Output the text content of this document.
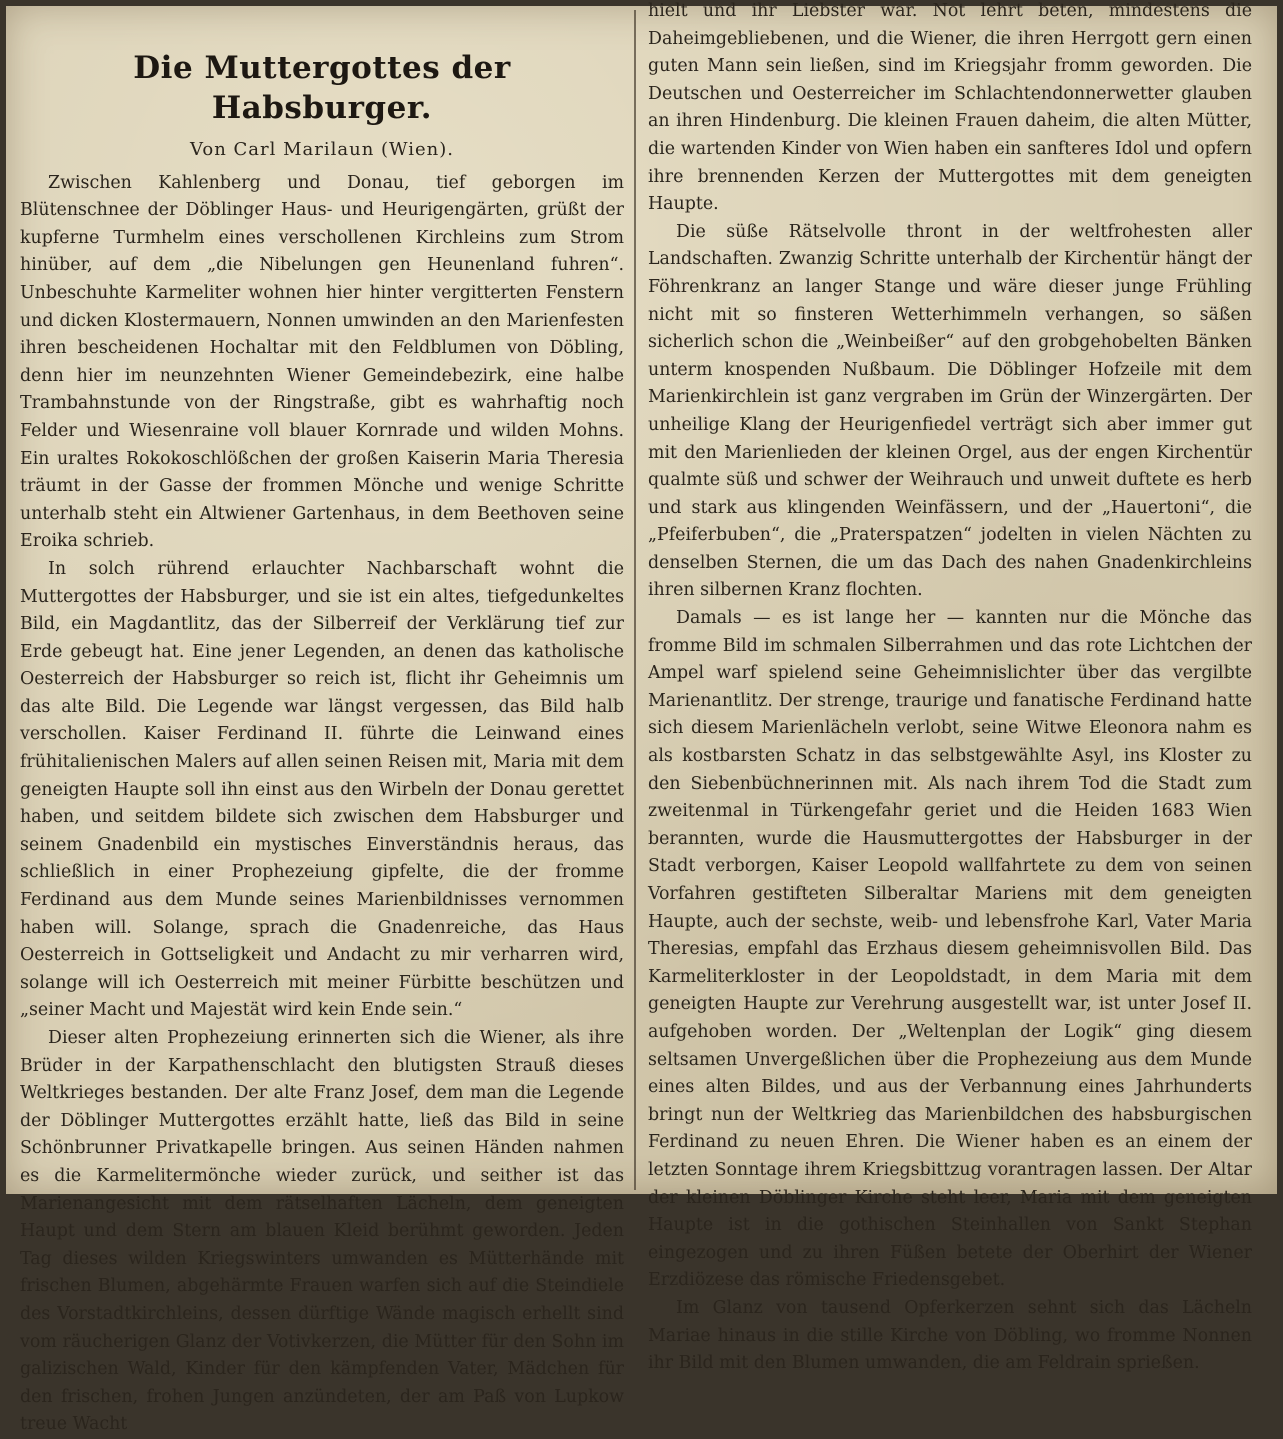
Die Muttergottes der Habsburger.
Von Carl Marilaun (Wien).

Zwischen Kahlenberg und Donau, tief geborgen im Blütenschnee der Döblinger Haus- und Heurigengärten, grüßt der kupferne Turmhelm eines verschollenen Kirchleins zum Strom hinüber, auf dem „die Nibelungen gen Heunenland fuhren“. Unbeschuhte Karmeliter wohnen hier hinter vergitterten Fenstern und dicken Klostermauern, Nonnen umwinden an den Marienfesten ihren bescheidenen Hochaltar mit den Feldblumen von Döbling, denn hier im neunzehnten Wiener Gemeindebezirk, eine halbe Trambahnstunde von der Ringstraße, gibt es wahrhaftig noch Felder und Wiesenraine voll blauer Kornrade und wilden Mohns. Ein uraltes Rokokoschlößchen der großen Kaiserin Maria Theresia träumt in der Gasse der frommen Mönche und wenige Schritte unterhalb steht ein Altwiener Gartenhaus, in dem Beethoven seine Eroika schrieb.

In solch rührend erlauchter Nachbarschaft wohnt die Muttergottes der Habsburger, und sie ist ein altes, tiefgedunkeltes Bild, ein Magdantlitz, das der Silberreif der Verklärung tief zur Erde gebeugt hat. Eine jener Legenden, an denen das katholische Oesterreich der Habsburger so reich ist, flicht ihr Geheimnis um das alte Bild. Die Legende war längst vergessen, das Bild halb verschollen. Kaiser Ferdinand II. führte die Leinwand eines frühitalienischen Malers auf allen seinen Reisen mit, Maria mit dem geneigten Haupte soll ihn einst aus den Wirbeln der Donau gerettet haben, und seitdem bildete sich zwischen dem Habsburger und seinem Gnadenbild ein mystisches Einverständnis heraus, das schließlich in einer Prophezeiung gipfelte, die der fromme Ferdinand aus dem Munde seines Marienbildnisses vernommen haben will. Solange, sprach die Gnadenreiche, das Haus Oesterreich in Gottseligkeit und Andacht zu mir verharren wird, solange will ich Oesterreich mit meiner Fürbitte beschützen und „seiner Macht und Majestät wird kein Ende sein.“

Dieser alten Prophezeiung erinnerten sich die Wiener, als ihre Brüder in der Karpathenschlacht den blutigsten Strauß dieses Weltkrieges bestanden. Der alte Franz Josef, dem man die Legende der Döblinger Muttergottes erzählt hatte, ließ das Bild in seine Schönbrunner Privatkapelle bringen. Aus seinen Händen nahmen es die Karmelitermönche wieder zurück, und seither ist das Marienangesicht mit dem rätselhaften Lächeln, dem geneigten Haupt und dem Stern am blauen Kleid berühmt geworden. Jeden Tag dieses wilden Kriegswinters umwanden es Mütterhände mit frischen Blumen, abgehärmte Frauen warfen sich auf die Steindiele des Vorstadtkirchleins, dessen dürftige Wände magisch erhellt sind vom räucherigen Glanz der Votivkerzen, die Mütter für den Sohn im galizischen Wald, Kinder für den kämpfenden Vater, Mädchen für den frischen, frohen Jungen anzündeten, der am Paß von Lupkow treue Wacht

hielt und ihr Liebster war. Not lehrt beten, mindestens die Daheimgebliebenen, und die Wiener, die ihren Herrgott gern einen guten Mann sein ließen, sind im Kriegsjahr fromm geworden. Die Deutschen und Oesterreicher im Schlachtendonnerwetter glauben an ihren Hindenburg. Die kleinen Frauen daheim, die alten Mütter, die wartenden Kinder von Wien haben ein sanfteres Idol und opfern ihre brennenden Kerzen der Muttergottes mit dem geneigten Haupte.

Die süße Rätselvolle thront in der weltfrohesten aller Landschaften. Zwanzig Schritte unterhalb der Kirchentür hängt der Föhrenkranz an langer Stange und wäre dieser junge Frühling nicht mit so finsteren Wetterhimmeln verhangen, so säßen sicherlich schon die „Weinbeißer“ auf den grobgehobelten Bänken unterm knospenden Nußbaum. Die Döblinger Hofzeile mit dem Marienkirchlein ist ganz vergraben im Grün der Winzergärten. Der unheilige Klang der Heurigenfiedel verträgt sich aber immer gut mit den Marienlieden der kleinen Orgel, aus der engen Kirchentür qualmte süß und schwer der Weihrauch und unweit duftete es herb und stark aus klingenden Weinfässern, und der „Hauertoni“, die „Pfeiferbuben“, die „Praterspatzen“ jodelten in vielen Nächten zu denselben Sternen, die um das Dach des nahen Gnadenkirchleins ihren silbernen Kranz flochten.

Damals — es ist lange her — kannten nur die Mönche das fromme Bild im schmalen Silberrahmen und das rote Lichtchen der Ampel warf spielend seine Geheimnislichter über das vergilbte Marienantlitz. Der strenge, traurige und fanatische Ferdinand hatte sich diesem Marienlächeln verlobt, seine Witwe Eleonora nahm es als kostbarsten Schatz in das selbstgewählte Asyl, ins Kloster zu den Siebenbüchnerinnen mit. Als nach ihrem Tod die Stadt zum zweitenmal in Türkengefahr geriet und die Heiden 1683 Wien berannten, wurde die Hausmuttergottes der Habsburger in der Stadt verborgen, Kaiser Leopold wallfahrtete zu dem von seinen Vorfahren gestifteten Silberaltar Mariens mit dem geneigten Haupte, auch der sechste, weib- und lebensfrohe Karl, Vater Maria Theresias, empfahl das Erzhaus diesem geheimnisvollen Bild. Das Karmeliterkloster in der Leopoldstadt, in dem Maria mit dem geneigten Haupte zur Verehrung ausgestellt war, ist unter Josef II. aufgehoben worden. Der „Weltenplan der Logik“ ging diesem seltsamen Unvergeßlichen über die Prophezeiung aus dem Munde eines alten Bildes, und aus der Verbannung eines Jahrhunderts bringt nun der Weltkrieg das Marienbildchen des habsburgischen Ferdinand zu neuen Ehren. Die Wiener haben es an einem der letzten Sonntage ihrem Kriegsbittzug vorantragen lassen. Der Altar der kleinen Döblinger Kirche steht leer, Maria mit dem geneigten Haupte ist in die gothischen Steinhallen von Sankt Stephan eingezogen und zu ihren Füßen betete der Oberhirt der Wiener Erzdiözese das römische Friedensgebet.

Im Glanz von tausend Opferkerzen sehnt sich das Lächeln Mariae hinaus in die stille Kirche von Döbling, wo fromme Nonnen ihr Bild mit den Blumen umwanden, die am Feldrain sprießen.
